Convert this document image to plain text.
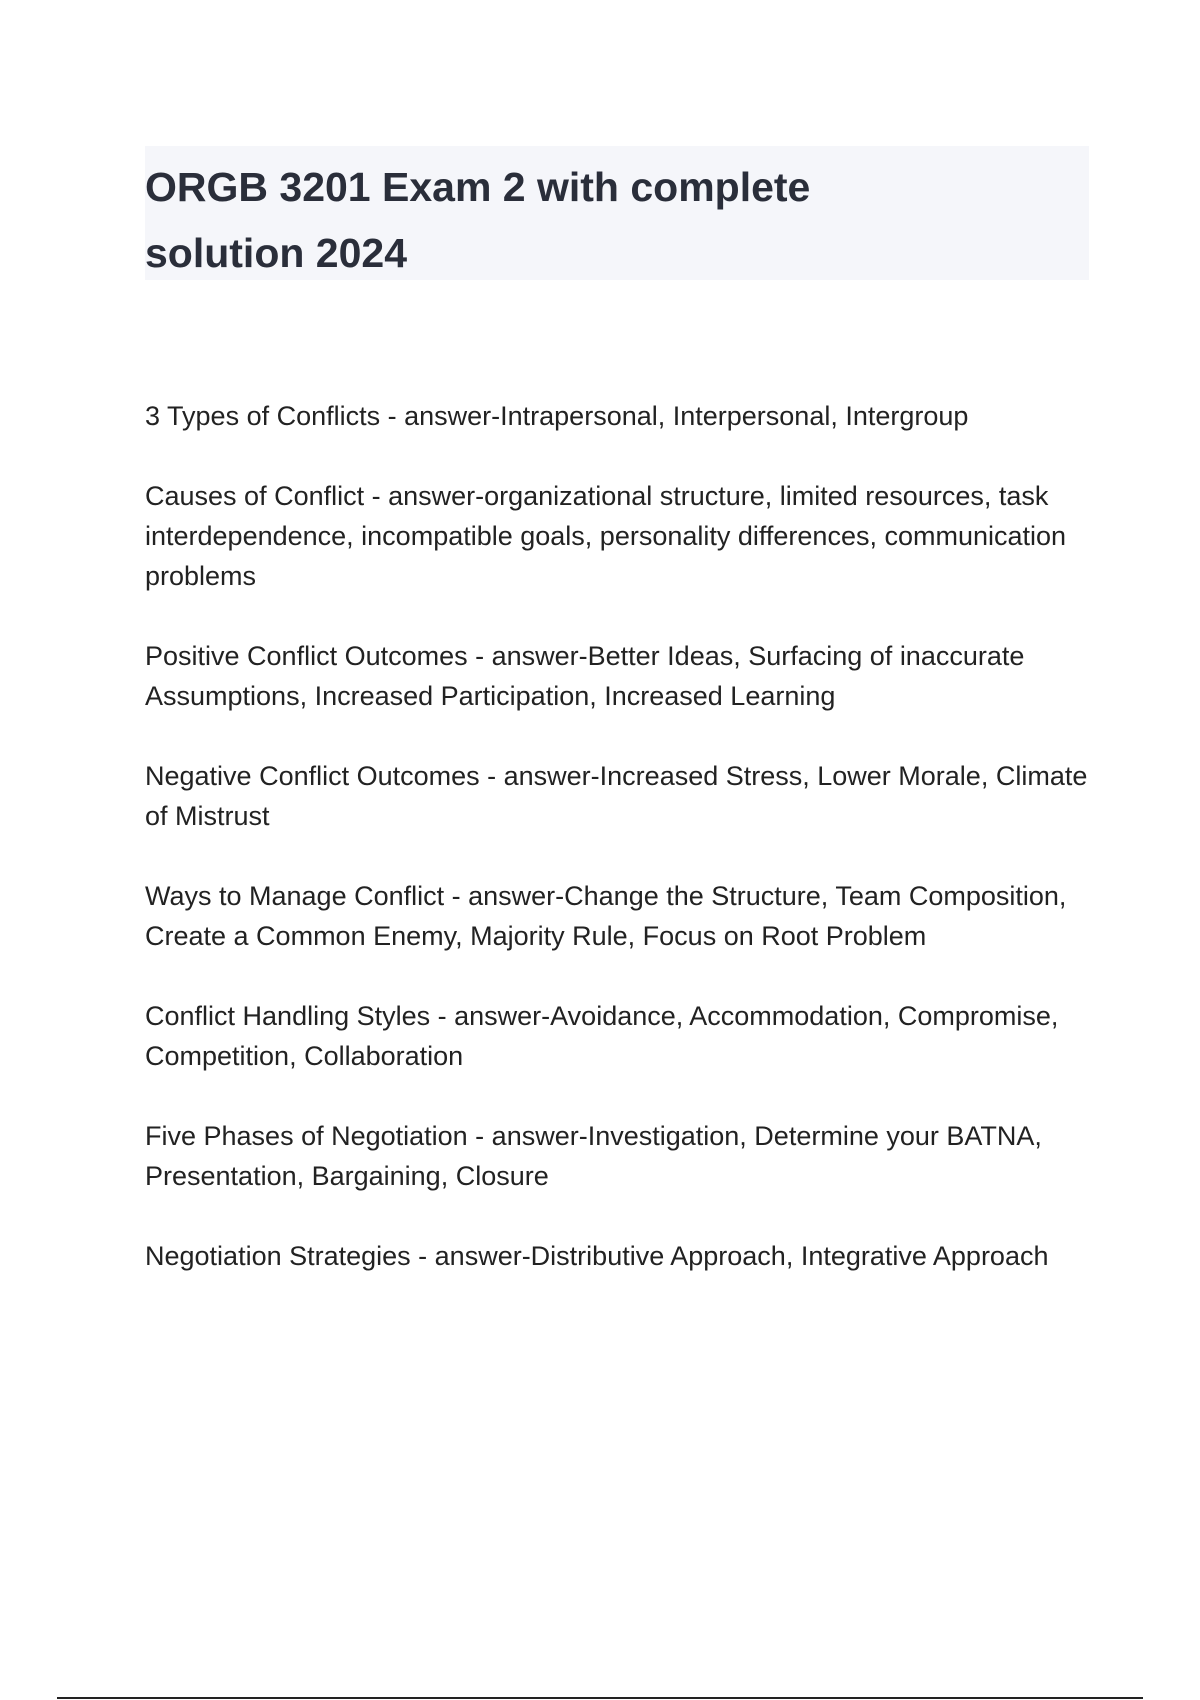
ORGB 3201 Exam 2 with complete solution 2024

3 Types of Conflicts - answer-Intrapersonal, Interpersonal, Intergroup

Causes of Conflict - answer-organizational structure, limited resources, task interdependence, incompatible goals, personality differences, communication problems

Positive Conflict Outcomes - answer-Better Ideas, Surfacing of inaccurate Assumptions, Increased Participation, Increased Learning

Negative Conflict Outcomes - answer-Increased Stress, Lower Morale, Climate of Mistrust

Ways to Manage Conflict - answer-Change the Structure, Team Composition, Create a Common Enemy, Majority Rule, Focus on Root Problem

Conflict Handling Styles - answer-Avoidance, Accommodation, Compromise, Competition, Collaboration

Five Phases of Negotiation - answer-Investigation, Determine your BATNA, Presentation, Bargaining, Closure

Negotiation Strategies - answer-Distributive Approach, Integrative Approach
